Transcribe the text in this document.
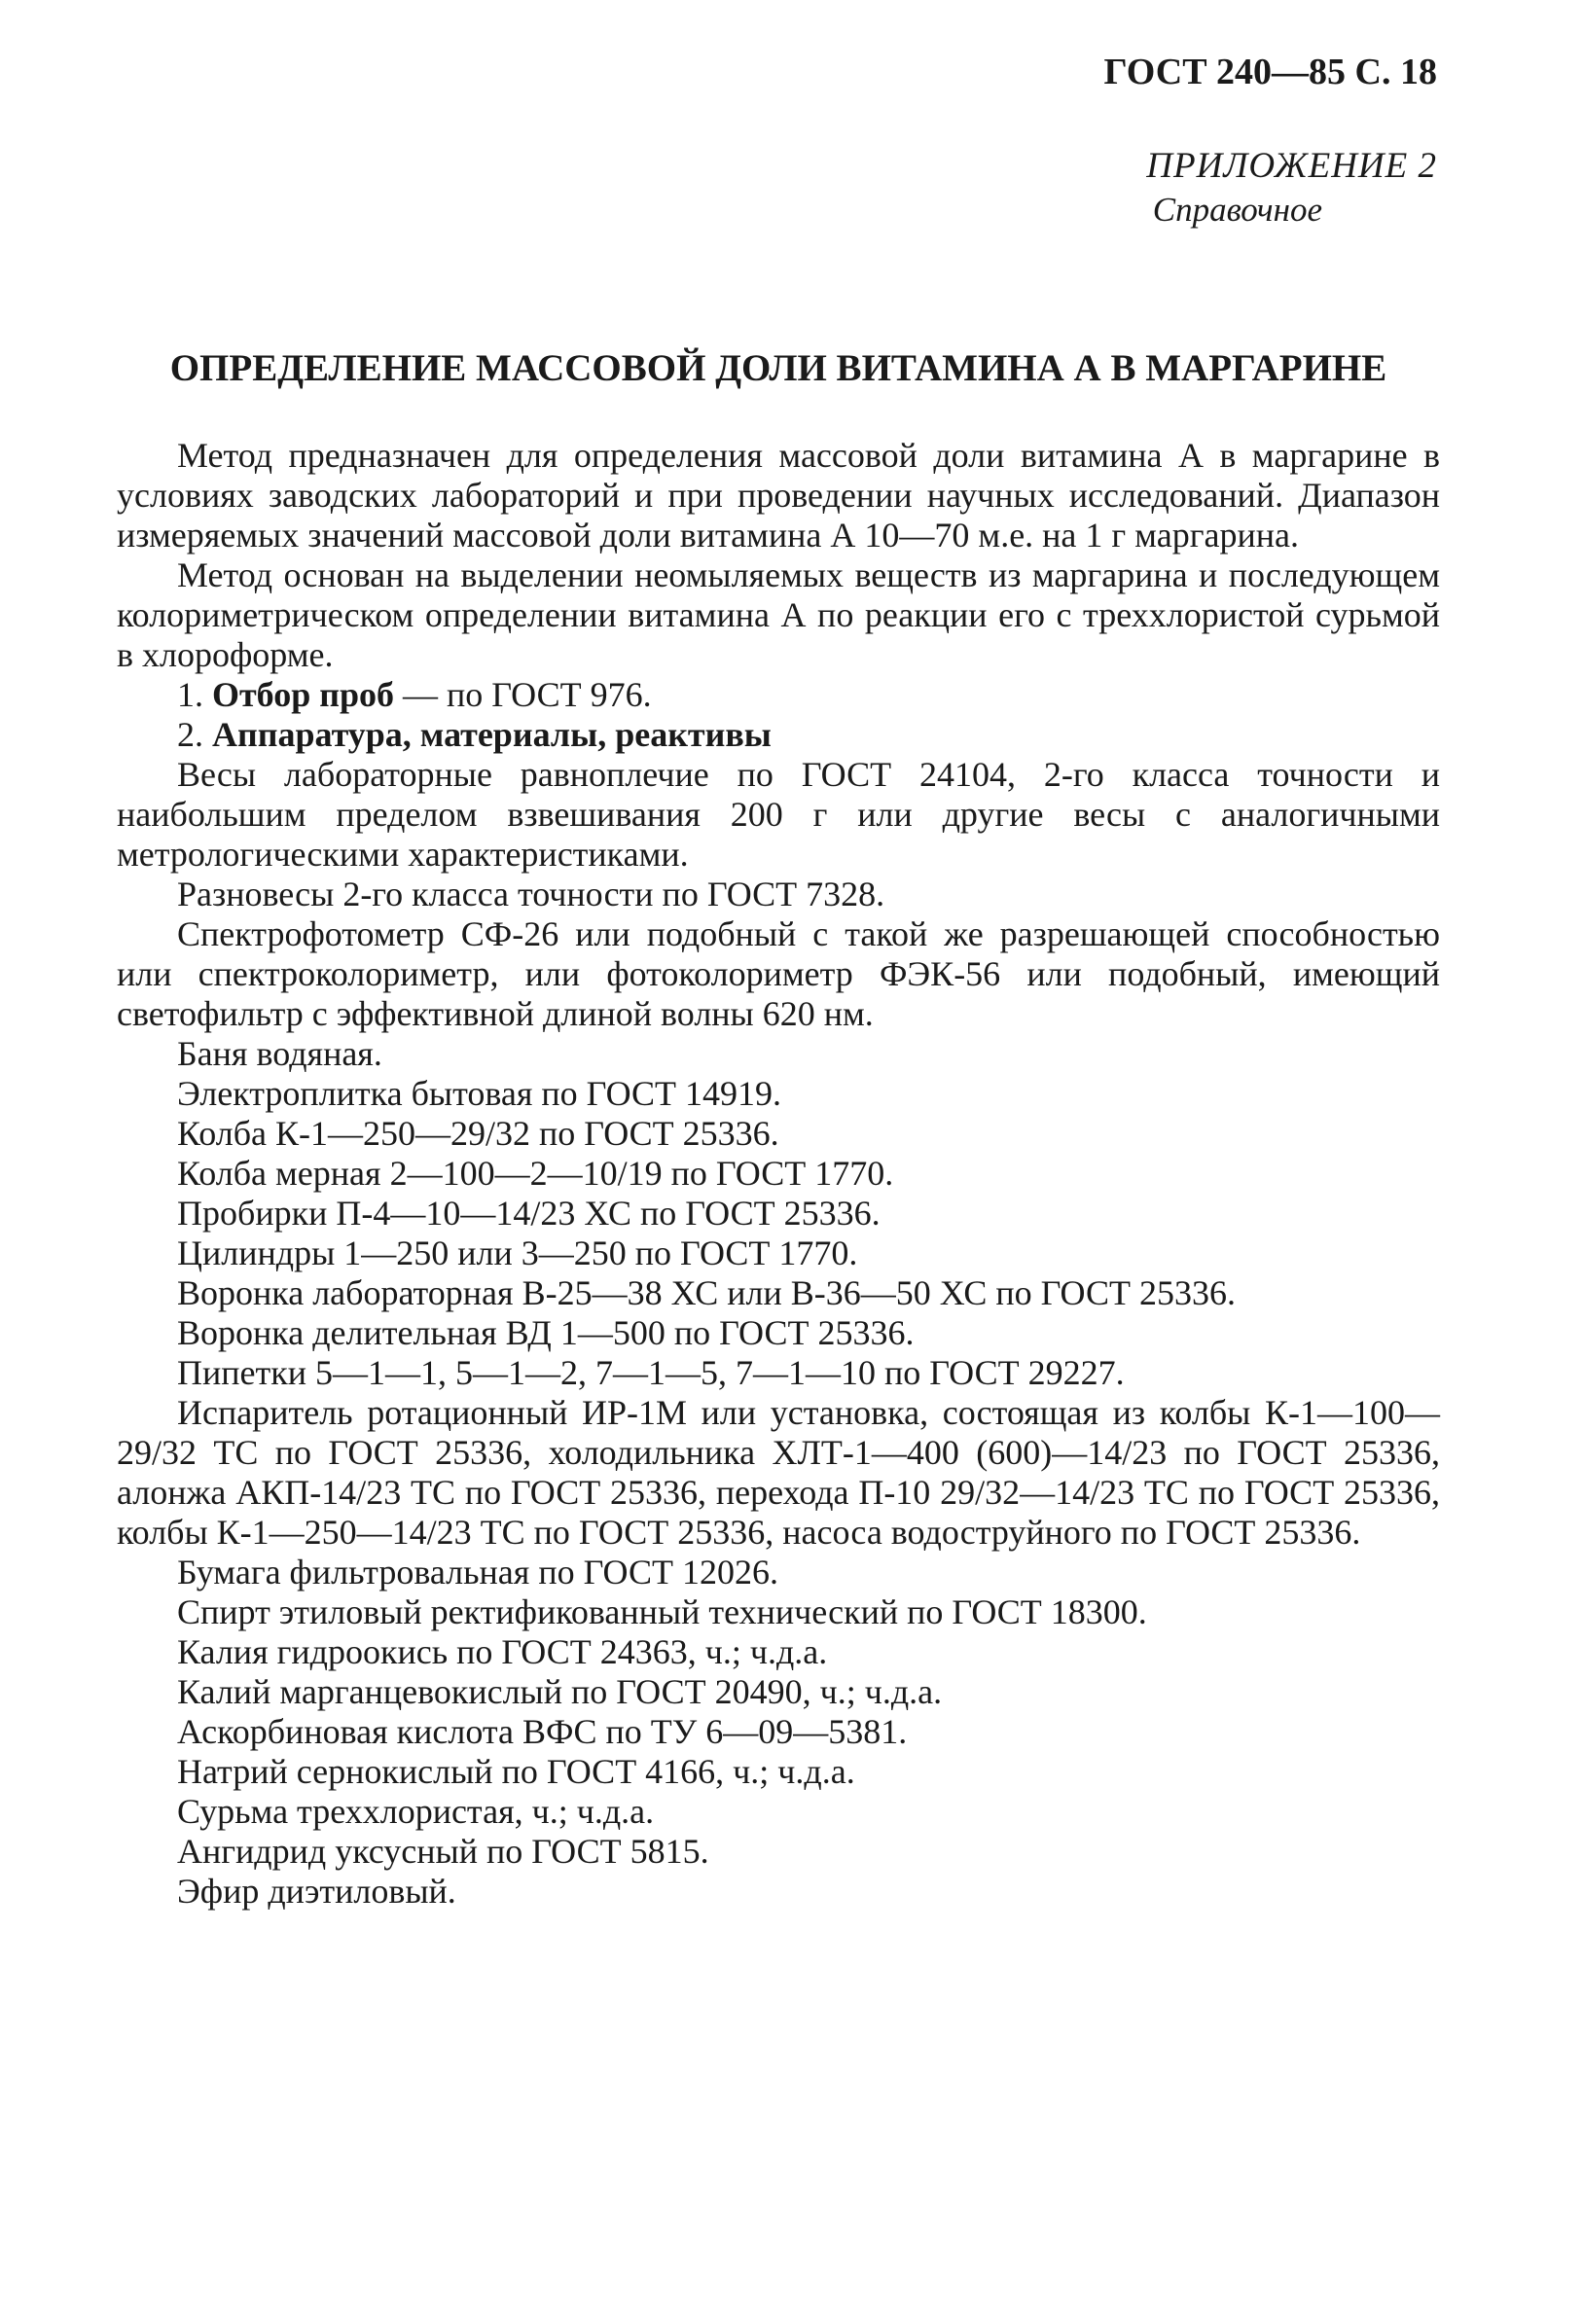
ГОСТ 240—85 С. 18
ПРИЛОЖЕНИЕ 2
Справочное
ОПРЕДЕЛЕНИЕ МАССОВОЙ ДОЛИ ВИТАМИНА А В МАРГАРИНЕ

Метод предназначен для определения массовой доли витамина А в маргарине в условиях заводских лабораторий и при проведении научных исследований. Диапазон измеряемых значений массовой доли витамина А 10—70 м.е. на 1 г маргарина.

Метод основан на выделении неомыляемых веществ из маргарина и последующем колориметрическом определении витамина А по реакции его с треххлористой сурьмой в хлороформе.

1. Отбор проб — по ГОСТ 976.

2. Аппаратура, материалы, реактивы

Весы лабораторные равноплечие по ГОСТ 24104, 2-го класса точности и наибольшим пределом взвешивания 200 г или другие весы с аналогичными метрологическими характеристиками.

Разновесы 2-го класса точности по ГОСТ 7328.

Спектрофотометр СФ-26 или подобный с такой же разрешающей способностью или спектроколориметр, или фотоколориметр ФЭК-56 или подобный, имеющий светофильтр с эффективной длиной волны 620 нм.

Баня водяная.

Электроплитка бытовая по ГОСТ 14919.

Колба К-1—250—29/32 по ГОСТ 25336.

Колба мерная 2—100—2—10/19 по ГОСТ 1770.

Пробирки П-4—10—14/23 ХС по ГОСТ 25336.

Цилиндры 1—250 или 3—250 по ГОСТ 1770.

Воронка лабораторная В-25—38 ХС или В-36—50 ХС по ГОСТ 25336.

Воронка делительная ВД 1—500 по ГОСТ 25336.

Пипетки 5—1—1, 5—1—2, 7—1—5, 7—1—10 по ГОСТ 29227.

Испаритель ротационный ИР-1М или установка, состоящая из колбы К-1—100—29/32 ТС по ГОСТ 25336, холодильника ХЛТ-1—400 (600)—14/23 по ГОСТ 25336, алонжа АКП-14/23 ТС по ГОСТ 25336, перехода П-10 29/32—14/23 ТС по ГОСТ 25336, колбы К-1—250—14/23 ТС по ГОСТ 25336, насоса водоструйного по ГОСТ 25336.

Бумага фильтровальная по ГОСТ 12026.

Спирт этиловый ректификованный технический по ГОСТ 18300.

Калия гидроокись по ГОСТ 24363, ч.; ч.д.а.

Калий марганцевокислый по ГОСТ 20490, ч.; ч.д.а.

Аскорбиновая кислота ВФС по ТУ 6—09—5381.

Натрий сернокислый по ГОСТ 4166, ч.; ч.д.а.

Сурьма треххлористая, ч.; ч.д.а.

Ангидрид уксусный по ГОСТ 5815.

Эфир диэтиловый.
